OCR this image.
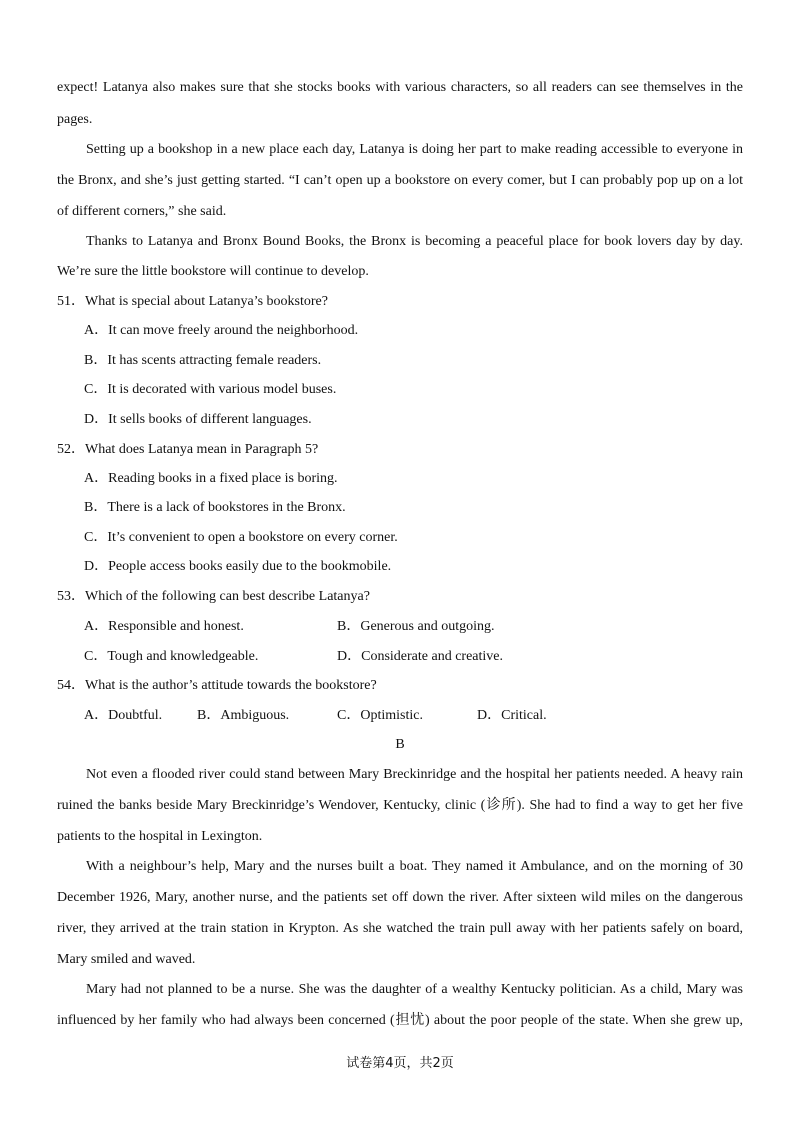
expect! Latanya also makes sure that she stocks books with various characters, so all readers can see themselves in the
pages.
Setting up a bookshop in a new place each day, Latanya is doing her part to make reading accessible to everyone in
the Bronx, and she’s just getting started. “I can’t open up a bookstore on every comer, but I can probably pop up on a lot
of different corners,” she said.
Thanks to Latanya and Bronx Bound Books, the Bronx is becoming a peaceful place for book lovers day by day.
We’re sure the little bookstore will continue to develop.
51．What is special about Latanya’s bookstore?
A．It can move freely around the neighborhood.
B．It has scents attracting female readers.
C．It is decorated with various model buses.
D．It sells books of different languages.
52．What does Latanya mean in Paragraph 5?
A．Reading books in a fixed place is boring.
B．There is a lack of bookstores in the Bronx.
C．It’s convenient to open a bookstore on every corner.
D．People access books easily due to the bookmobile.
53．Which of the following can best describe Latanya?
A．Responsible and honest.	B．Generous and outgoing.
C．Tough and knowledgeable.	D．Considerate and creative.
54．What is the author’s attitude towards the bookstore?
A．Doubtful. B．Ambiguous.	C．Optimistic.	D．Critical.
B
Not even a flooded river could stand between Mary Breckinridge and the hospital her patients needed. A heavy rain
ruined the banks beside Mary Breckinridge’s Wendover, Kentucky, clinic (诊所). She had to find a way to get her five
patients to the hospital in Lexington.
With a neighbour’s help, Mary and the nurses built a boat. They named it Ambulance, and on the morning of 30
December 1926, Mary, another nurse, and the patients set off down the river. After sixteen wild miles on the dangerous
river, they arrived at the train station in Krypton. As she watched the train pull away with her patients safely on board,
Mary smiled and waved.
Mary had not planned to be a nurse. She was the daughter of a wealthy Kentucky politician. As a child, Mary was
influenced by her family who had always been concerned (担忧) about the poor people of the state. When she grew up,
试卷第4页，共2页
